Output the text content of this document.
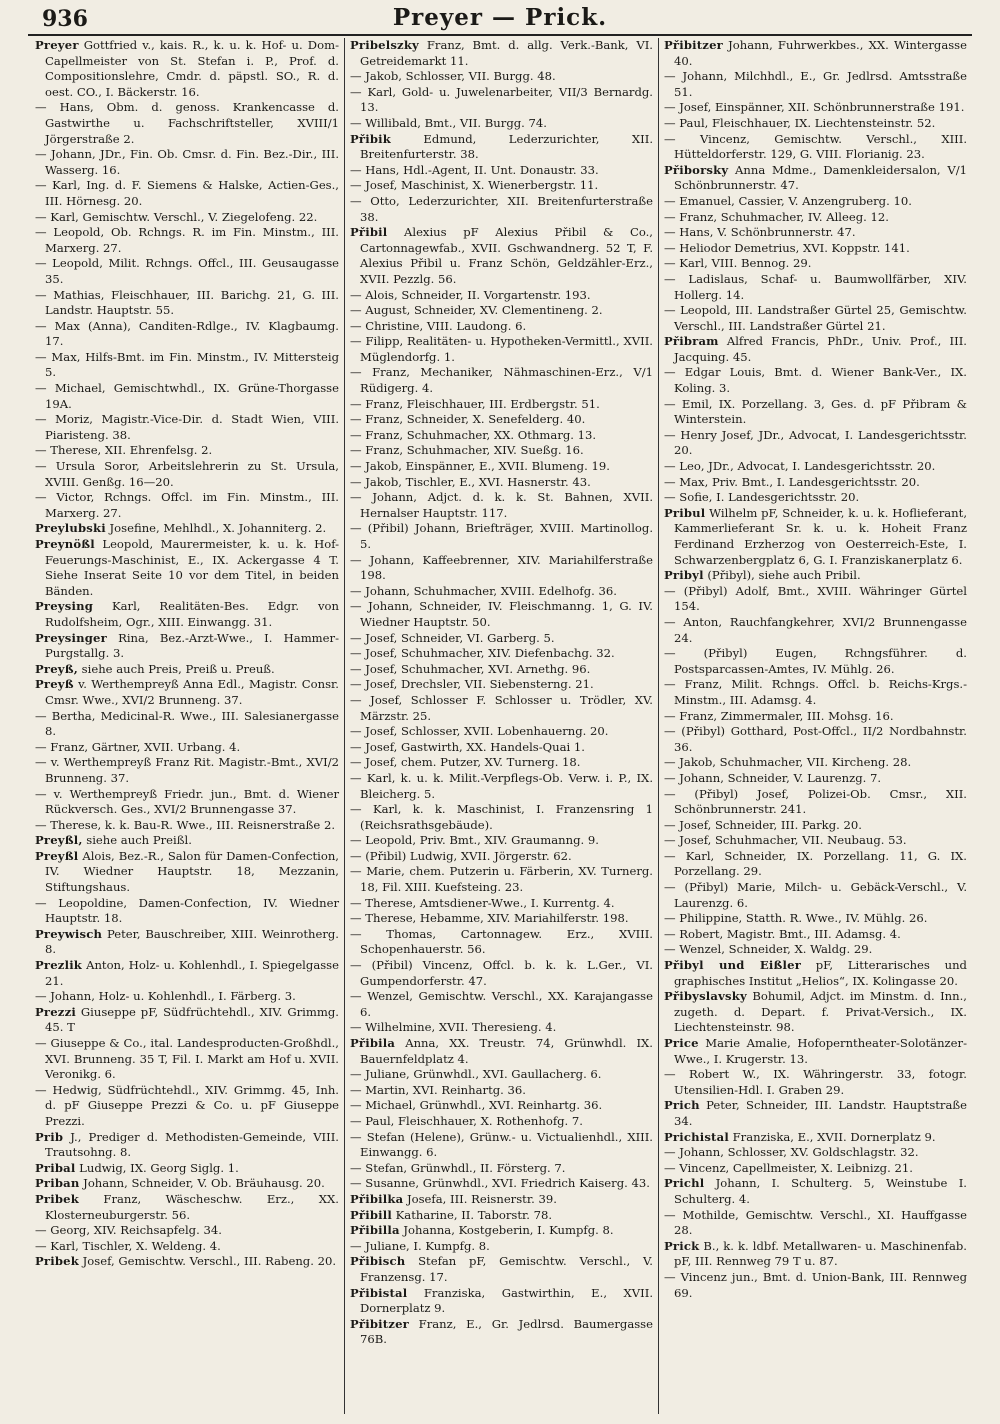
936	Preyer — Prick.
Preyer Gottfried v., kais. R., k. u. k. Hof- u. Dom-Capellmeister von St. Stefan i. P., Prof. d. Compositionslehre, Cmdr. d. päpstl. SO., R. d. oest. CO., I. Bäckerstr. 16.
— Hans, Obm. d. genoss. Krankencasse d. Gastwirthe u. Fachschriftsteller, XVIII/1 Jörgerstraße 2.
— Johann, JDr., Fin. Ob. Cmsr. d. Fin. Bez.-Dir., III. Wasserg. 16.
— Karl, Ing. d. F. Siemens & Halske, Actien-Ges., III. Hörnesg. 20.
— Karl, Gemischtw. Verschl., V. Ziegelofeng. 22.
— Leopold, Ob. Rchngs. R. im Fin. Minstm., III. Marxerg. 27.
— Leopold, Milit. Rchngs. Offcl., III. Geusaugasse 35.
— Mathias, Fleischhauer, III. Barichg. 21, G. III. Landstr. Hauptstr. 55.
— Max (Anna), Canditen-Rdlge., IV. Klagbaumg. 17.
— Max, Hilfs-Bmt. im Fin. Minstm., IV. Mittersteig 5.
— Michael, Gemischtwhdl., IX. Grüne-Thorgasse 19A.
— Moriz, Magistr.-Vice-Dir. d. Stadt Wien, VIII. Piaristeng. 38.
— Therese, XII. Ehrenfelsg. 2.
— Ursula Soror, Arbeitslehrerin zu St. Ursula, XVIII. Genßg. 16—20.
— Victor, Rchngs. Offcl. im Fin. Minstm., III. Marxerg. 27.
Preylubski Josefine, Mehlhdl., X. Johanniterg. 2.
Preynößl Leopold, Maurermeister, k. u. k. Hof-Feuerungs-Maschinist, E., IX. Ackergasse 4 T. Siehe Inserat Seite 10 vor dem Titel, in beiden Bänden.
Preysing Karl, Realitäten-Bes. Edgr. von Rudolfsheim, Ogr., XIII. Einwangg. 31.
Preysinger Rina, Bez.-Arzt-Wwe., I. Hammer-Purgstallg. 3.
Preyß, siehe auch Preis, Preiß u. Preuß.
Preyß v. Werthempreyß Anna Edl., Magistr. Consr. Cmsr. Wwe., XVI/2 Brunneng. 37.
— Bertha, Medicinal-R. Wwe., III. Salesianergasse 8.
— Franz, Gärtner, XVII. Urbang. 4.
— v. Werthempreyß Franz Rit. Magistr.-Bmt., XVI/2 Brunneng. 37.
— v. Werthempreyß Friedr. jun., Bmt. d. Wiener Rückversch. Ges., XVI/2 Brunnengasse 37.
— Therese, k. k. Bau-R. Wwe., III. Reisnerstraße 2.
Preyßl, siehe auch Preißl.
Preyßl Alois, Bez.-R., Salon für Damen-Confection, IV. Wiedner Hauptstr. 18, Mezzanin, Stiftungshaus.
— Leopoldine, Damen-Confection, IV. Wiedner Hauptstr. 18.
Preywisch Peter, Bauschreiber, XIII. Weinrotherg. 8.
Prezlik Anton, Holz- u. Kohlenhdl., I. Spiegelgasse 21.
— Johann, Holz- u. Kohlenhdl., I. Färberg. 3.
Prezzi Giuseppe pF, Südfrüchtehdl., XIV. Grimmg. 45. T
— Giuseppe & Co., ital. Landesproducten-Großhdl., XVI. Brunneng. 35 T, Fil. I. Markt am Hof u. XVII. Veronikg. 6.
— Hedwig, Südfrüchtehdl., XIV. Grimmg. 45, Inh. d. pF Giuseppe Prezzi & Co. u. pF Giuseppe Prezzi.
Prib J., Prediger d. Methodisten-Gemeinde, VIII. Trautsohng. 8.
Pribal Ludwig, IX. Georg Siglg. 1.
Priban Johann, Schneider, V. Ob. Bräuhausg. 20.
Pribek Franz, Wäscheschw. Erz., XX. Klosterneuburgerstr. 56.
— Georg, XIV. Reichsapfelg. 34.
— Karl, Tischler, X. Weldeng. 4.
Pribek Josef, Gemischtw. Verschl., III. Rabeng. 20.
Pribelszky Franz, Bmt. d. allg. Verk.-Bank, VI. Getreidemarkt 11.
— Jakob, Schlosser, VII. Burgg. 48.
— Karl, Gold- u. Juwelenarbeiter, VII/3 Bernardg. 13.
— Willibald, Bmt., VII. Burgg. 74.
Přibik Edmund, Lederzurichter, XII. Breitenfurterstr. 38.
— Hans, Hdl.-Agent, II. Unt. Donaustr. 33.
— Josef, Maschinist, X. Wienerbergstr. 11.
— Otto, Lederzurichter, XII. Breitenfurterstraße 38.
Přibil Alexius pF Alexius Přibil & Co., Cartonnagewfab., XVII. Gschwandnerg. 52 T, F. Alexius Přibil u. Franz Schön, Geldzähler-Erz., XVII. Pezzlg. 56.
— Alois, Schneider, II. Vorgartenstr. 193.
— August, Schneider, XV. Clementineng. 2.
— Christine, VIII. Laudong. 6.
— Filipp, Realitäten- u. Hypotheken-Vermittl., XVII. Müglendorfg. 1.
— Franz, Mechaniker, Nähmaschinen-Erz., V/1 Rüdigerg. 4.
— Franz, Fleischhauer, III. Erdbergstr. 51.
— Franz, Schneider, X. Senefelderg. 40.
— Franz, Schuhmacher, XX. Othmarg. 13.
— Franz, Schuhmacher, XIV. Sueßg. 16.
— Jakob, Einspänner, E., XVII. Blumeng. 19.
— Jakob, Tischler, E., XVI. Hasnerstr. 43.
— Johann, Adjct. d. k. k. St. Bahnen, XVII. Hernalser Hauptstr. 117.
— (Přibil) Johann, Briefträger, XVIII. Martinollog. 5.
— Johann, Kaffeebrenner, XIV. Mariahilferstraße 198.
— Johann, Schuhmacher, XVIII. Edelhofg. 36.
— Johann, Schneider, IV. Fleischmanng. 1, G. IV. Wiedner Hauptstr. 50.
— Josef, Schneider, VI. Garberg. 5.
— Josef, Schuhmacher, XIV. Diefenbachg. 32.
— Josef, Schuhmacher, XVI. Arnethg. 96.
— Josef, Drechsler, VII. Siebensterng. 21.
— Josef, Schlosser F. Schlosser u. Trödler, XV. Märzstr. 25.
— Josef, Schlosser, XVII. Lobenhauerng. 20.
— Josef, Gastwirth, XX. Handels-Quai 1.
— Josef, chem. Putzer, XV. Turnerg. 18.
— Karl, k. u. k. Milit.-Verpflegs-Ob. Verw. i. P., IX. Bleicherg. 5.
— Karl, k. k. Maschinist, I. Franzensring 1 (Reichsrathsgebäude).
— Leopold, Priv. Bmt., XIV. Graumanng. 9.
— (Přibil) Ludwig, XVII. Jörgerstr. 62.
— Marie, chem. Putzerin u. Färberin, XV. Turnerg. 18, Fil. XIII. Kuefsteing. 23.
— Therese, Amtsdiener-Wwe., I. Kurrentg. 4.
— Therese, Hebamme, XIV. Mariahilferstr. 198.
— Thomas, Cartonnagew. Erz., XVIII. Schopenhauerstr. 56.
— (Přibil) Vincenz, Offcl. b. k. k. L.Ger., VI. Gumpendorferstr. 47.
— Wenzel, Gemischtw. Verschl., XX. Karajangasse 6.
— Wilhelmine, XVII. Theresieng. 4.
Přibila Anna, XX. Treustr. 74, Grünwhdl. IX. Bauernfeldplatz 4.
— Juliane, Grünwhdl., XVI. Gaullacherg. 6.
— Martin, XVI. Reinhartg. 36.
— Michael, Grünwhdl., XVI. Reinhartg. 36.
— Paul, Fleischhauer, X. Rothenhofg. 7.
— Stefan (Helene), Grünw.- u. Victualienhdl., XIII. Einwangg. 6.
— Stefan, Grünwhdl., II. Försterg. 7.
— Susanne, Grünwhdl., XVI. Friedrich Kaiserg. 43.
Přibilka Josefa, III. Reisnerstr. 39.
Přibill Katharine, II. Taborstr. 78.
Přibilla Johanna, Kostgeberin, I. Kumpfg. 8.
— Juliane, I. Kumpfg. 8.
Přibisch Stefan pF, Gemischtw. Verschl., V. Franzensg. 17.
Přibistal Franziska, Gastwirthin, E., XVII. Dornerplatz 9.
Přibitzer Franz, E., Gr. Jedlrsd. Baumergasse 76B.
Přibitzer Johann, Fuhrwerkbes., XX. Wintergasse 40.
— Johann, Milchhdl., E., Gr. Jedlrsd. Amtsstraße 51.
— Josef, Einspänner, XII. Schönbrunnerstraße 191.
— Paul, Fleischhauer, IX. Liechtensteinstr. 52.
— Vincenz, Gemischtw. Verschl., XIII. Hütteldorferstr. 129, G. VIII. Florianig. 23.
Přiborsky Anna Mdme., Damenkleidersalon, V/1 Schönbrunnerstr. 47.
— Emanuel, Cassier, V. Anzengruberg. 10.
— Franz, Schuhmacher, IV. Alleeg. 12.
— Hans, V. Schönbrunnerstr. 47.
— Heliodor Demetrius, XVI. Koppstr. 141.
— Karl, VIII. Bennog. 29.
— Ladislaus, Schaf- u. Baumwollfärber, XIV. Hollerg. 14.
— Leopold, III. Landstraßer Gürtel 25, Gemischtw. Verschl., III. Landstraßer Gürtel 21.
Přibram Alfred Francis, PhDr., Univ. Prof., III. Jacquing. 45.
— Edgar Louis, Bmt. d. Wiener Bank-Ver., IX. Koling. 3.
— Emil, IX. Porzellang. 3, Ges. d. pF Přibram & Winterstein.
— Henry Josef, JDr., Advocat, I. Landesgerichtsstr. 20.
— Leo, JDr., Advocat, I. Landesgerichtsstr. 20.
— Max, Priv. Bmt., I. Landesgerichtsstr. 20.
— Sofie, I. Landesgerichtsstr. 20.
Pribul Wilhelm pF, Schneider, k. u. k. Hoflieferant, Kammerlieferant Sr. k. u. k. Hoheit Franz Ferdinand Erzherzog von Oesterreich-Este, I. Schwarzenbergplatz 6, G. I. Franziskanerplatz 6.
Pribyl (Přibyl), siehe auch Pribil.
— (Přibyl) Adolf, Bmt., XVIII. Währinger Gürtel 154.
— Anton, Rauchfangkehrer, XVI/2 Brunnengasse 24.
— (Přibyl) Eugen, Rchngsführer. d. Postsparcassen-Amtes, IV. Mühlg. 26.
— Franz, Milit. Rchngs. Offcl. b. Reichs-Krgs.-Minstm., III. Adamsg. 4.
— Franz, Zimmermaler, III. Mohsg. 16.
— (Přibyl) Gotthard, Post-Offcl., II/2 Nordbahnstr. 36.
— Jakob, Schuhmacher, VII. Kircheng. 28.
— Johann, Schneider, V. Laurenzg. 7.
— (Přibyl) Josef, Polizei-Ob. Cmsr., XII. Schönbrunnerstr. 241.
— Josef, Schneider, III. Parkg. 20.
— Josef, Schuhmacher, VII. Neubaug. 53.
— Karl, Schneider, IX. Porzellang. 11, G. IX. Porzellang. 29.
— (Přibyl) Marie, Milch- u. Gebäck-Verschl., V. Laurenzg. 6.
— Philippine, Statth. R. Wwe., IV. Mühlg. 26.
— Robert, Magistr. Bmt., III. Adamsg. 4.
— Wenzel, Schneider, X. Waldg. 29.
Přibyl und Eißler pF, Litterarisches und graphisches Institut „Helios“, IX. Kolingasse 20.
Přibyslavsky Bohumil, Adjct. im Minstm. d. Inn., zugeth. d. Depart. f. Privat-Versich., IX. Liechtensteinstr. 98.
Price Marie Amalie, Hofoperntheater-Solotänzer-Wwe., I. Krugerstr. 13.
— Robert W., IX. Währingerstr. 33, fotogr. Utensilien-Hdl. I. Graben 29.
Prich Peter, Schneider, III. Landstr. Hauptstraße 34.
Prichistal Franziska, E., XVII. Dornerplatz 9.
— Johann, Schlosser, XV. Goldschlagstr. 32.
— Vincenz, Capellmeister, X. Leibnizg. 21.
Prichl Johann, I. Schulterg. 5, Weinstube I. Schulterg. 4.
— Mothilde, Gemischtw. Verschl., XI. Hauffgasse 28.
Prick B., k. k. ldbf. Metallwaren- u. Maschinenfab. pF, III. Rennweg 79 T u. 87.
— Vincenz jun., Bmt. d. Union-Bank, III. Rennweg 69.
